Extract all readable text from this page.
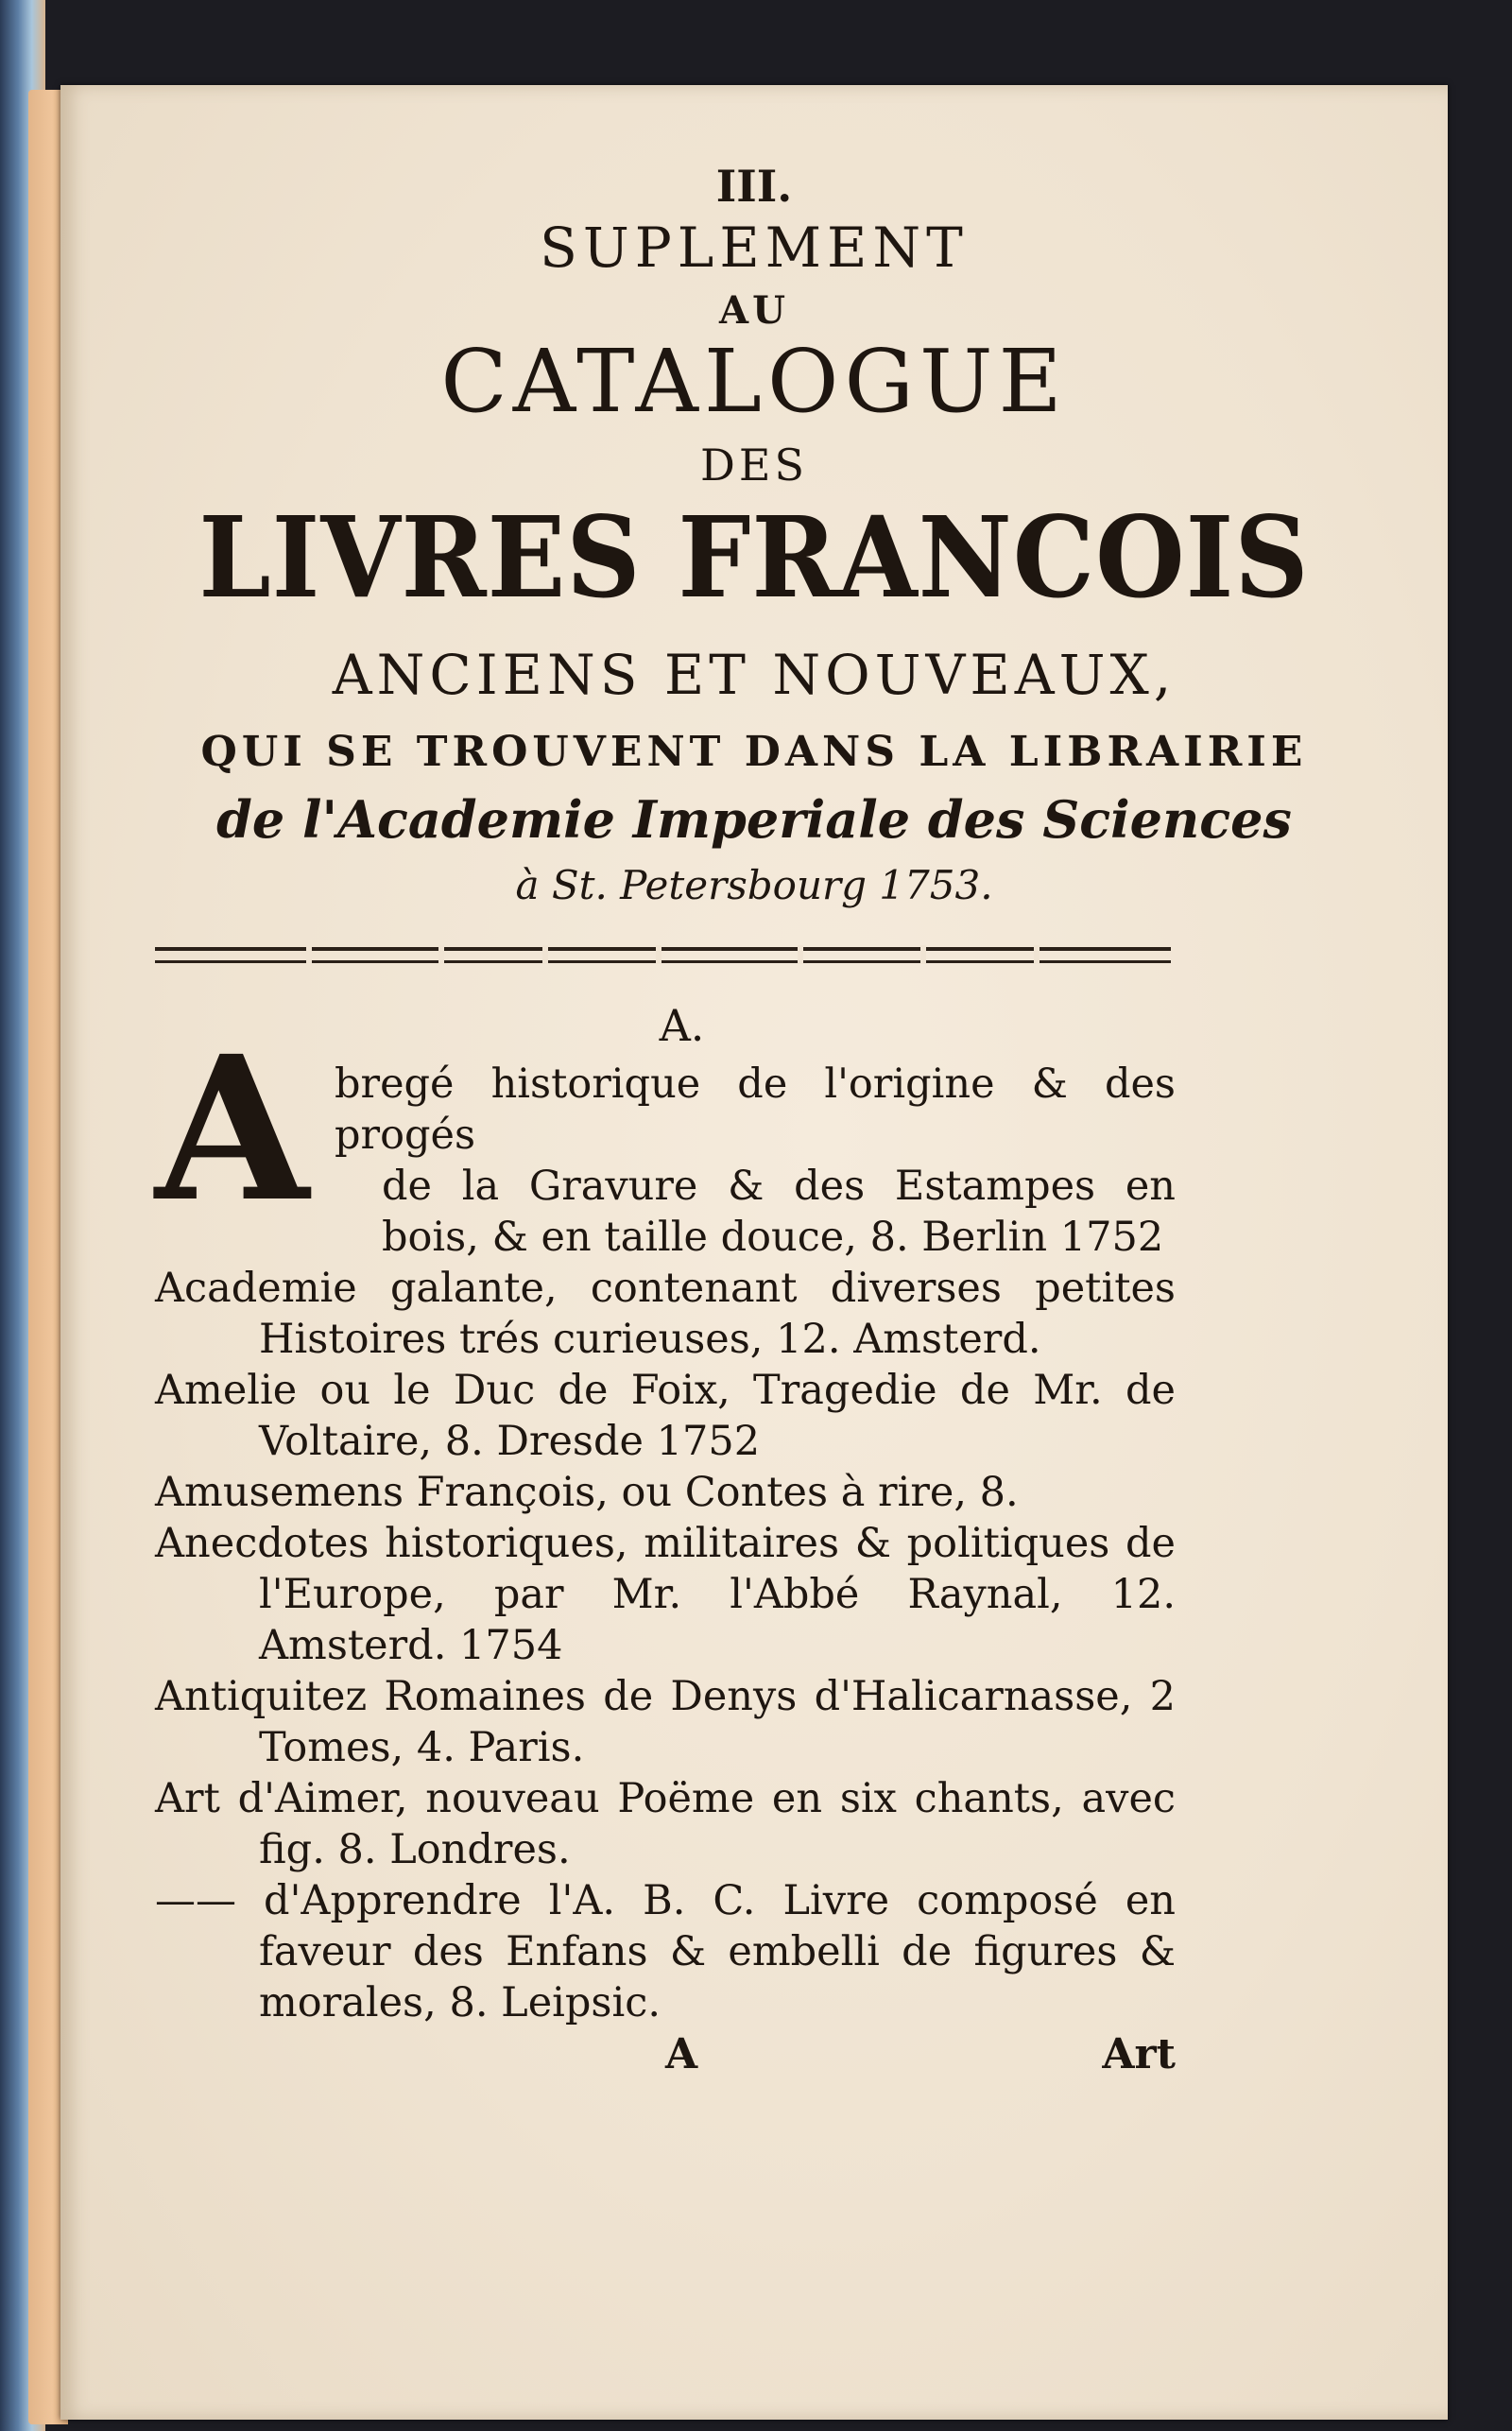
III.
SUPLEMENT
AU
CATALOGUE
DES
LIVRES FRANCOIS
ANCIENS ET NOUVEAUX,
QUI SE TROUVENT DANS LA LIBRAIRIE
de l'Academie Imperiale des Sciences
à St. Petersbourg 1753.
A.
A bregé historique de l'origine & des progés
de la Gravure & des Estampes en bois, & en taille douce, 8. Berlin 1752

Academie galante, contenant diverses petites Histoires trés curieuses, 12. Amsterd.

Amelie ou le Duc de Foix, Tragedie de Mr. de Voltaire, 8. Dresde 1752

Amusemens François, ou Contes à rire, 8.

Anecdotes historiques, militaires & politiques de l'Europe, par Mr. l'Abbé Raynal, 12. Amsterd. 1754

Antiquitez Romaines de Denys d'Halicarnasse, 2 Tomes, 4. Paris.

Art d'Aimer, nouveau Poëme en six chants, avec fig. 8. Londres.

—— d'Apprendre l'A. B. C. Livre composé en faveur des Enfans & embelli de figures & morales, 8. Leipsic.

A	Art
